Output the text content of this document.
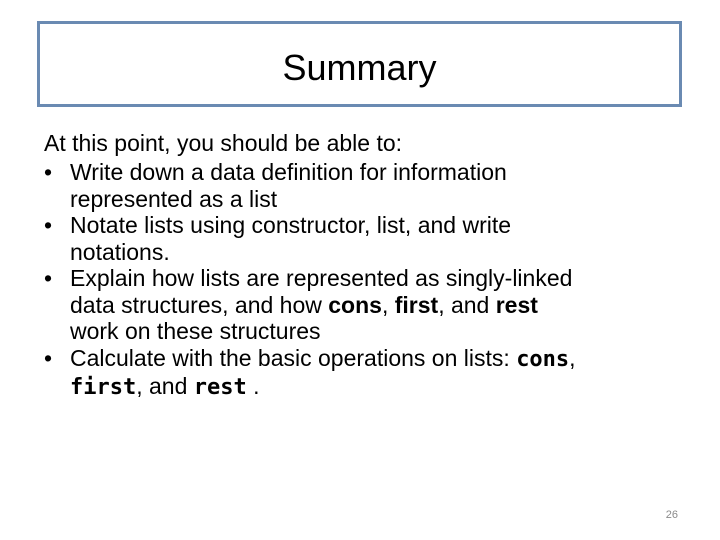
Summary
At this point, you should be able to:
• Write down a data definition for information
represented as a list
• Notate lists using constructor, list, and write
notations.
• Explain how lists are represented as singly-linked
data structures, and how cons, first, and rest
work on these structures
• Calculate with the basic operations on lists: cons,
first, and rest .
26
